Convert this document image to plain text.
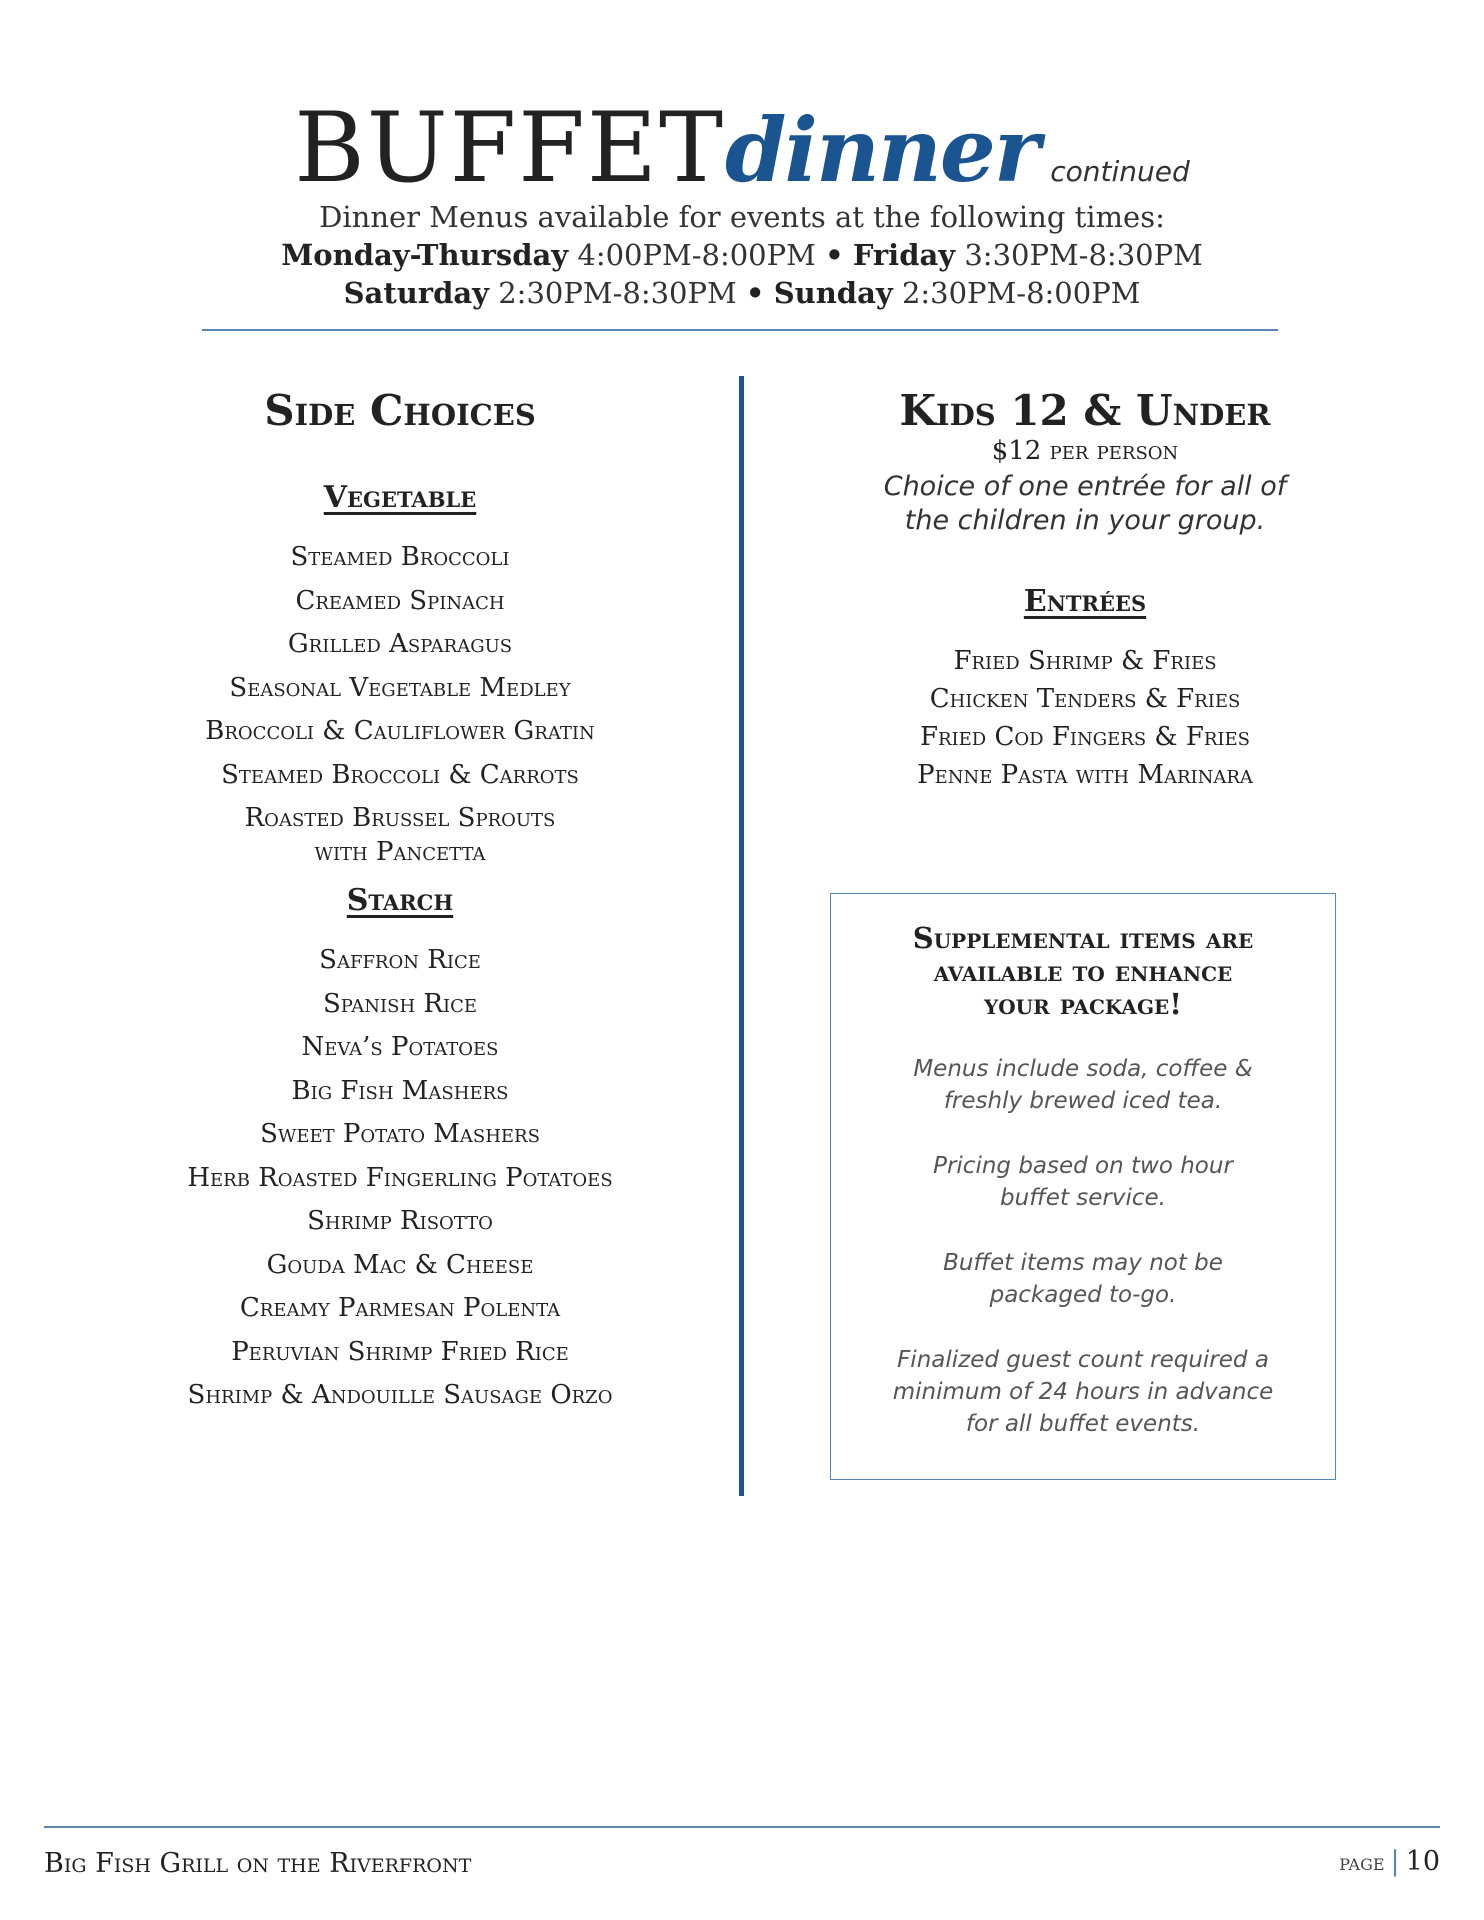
BUFFETdinner continued
Dinner Menus available for events at the following times:
Monday-Thursday 4:00PM-8:00PM • Friday 3:30PM-8:30PM
Saturday 2:30PM-8:30PM • Sunday 2:30PM-8:00PM
Side Choices
Vegetable
Steamed Broccoli
Creamed Spinach
Grilled Asparagus
Seasonal Vegetable Medley
Broccoli & Cauliflower Gratin
Steamed Broccoli & Carrots
Roasted Brussel Sprouts
with Pancetta
Starch
Saffron Rice
Spanish Rice
Neva’s Potatoes
Big Fish Mashers
Sweet Potato Mashers
Herb Roasted Fingerling Potatoes
Shrimp Risotto
Gouda Mac & Cheese
Creamy Parmesan Polenta
Peruvian Shrimp Fried Rice
Shrimp & Andouille Sausage Orzo
Kids 12 & Under
$12 per person
Choice of one entrée for all of
the children in your group.
Entrées
Fried Shrimp & Fries
Chicken Tenders & Fries
Fried Cod Fingers & Fries
Penne Pasta with Marinara
Supplemental items are
available to enhance
your package!
Menus include soda, coffee &
freshly brewed iced tea.
Pricing based on two hour
buffet service.
Buffet items may not be
packaged to-go.
Finalized guest count required a
minimum of 24 hours in advance
for all buffet events.
Big Fish Grill on the Riverfront	page | 10
